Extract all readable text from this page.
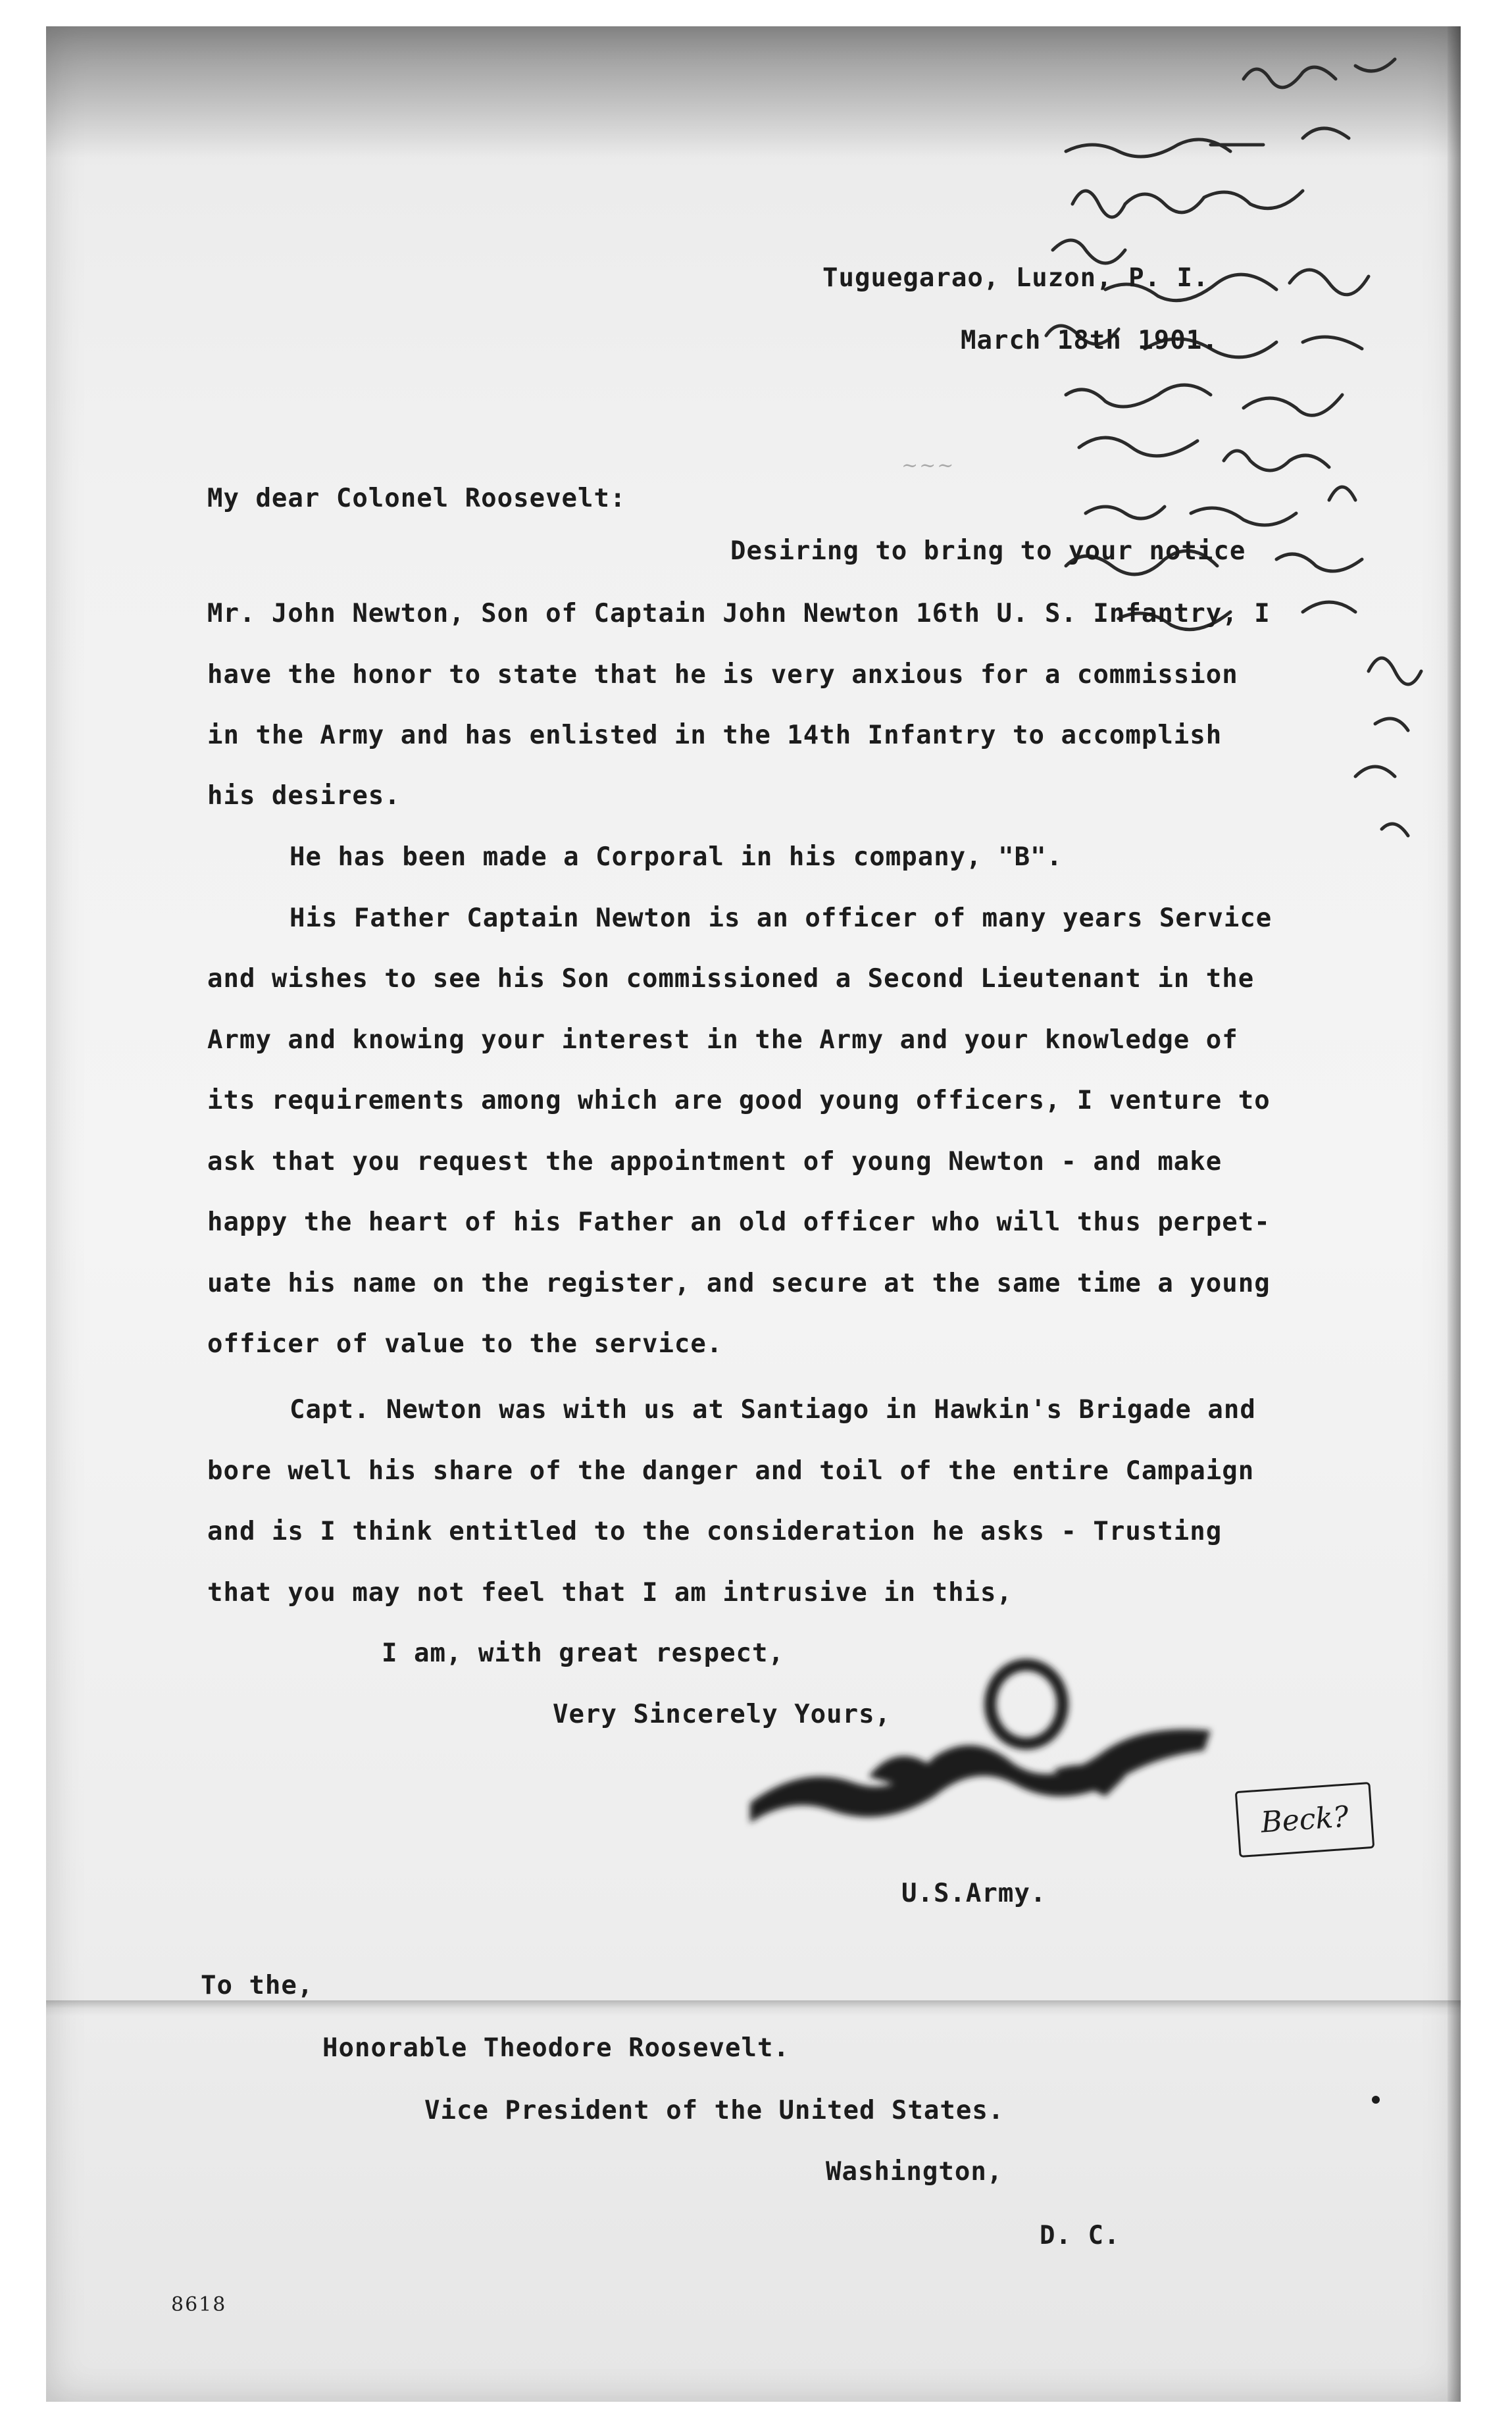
~~~
Tuguegarao, Luzon, P. I.
March 18th 1901.
My dear Colonel Roosevelt:
Desiring to bring to your notice
Mr. John Newton, Son of Captain John Newton 16th U. S. Infantry, I
have the honor to state that he is very anxious for a commission
in the Army and has enlisted in the 14th Infantry to accomplish
his desires.
He has been made a Corporal in his company, "B".
His Father Captain Newton is an officer of many years Service
and wishes to see his Son commissioned a Second Lieutenant in the
Army and knowing your interest in the Army and your knowledge of
its requirements among which are good young officers, I venture to
ask that you request the appointment of young Newton - and make
happy the heart of his Father an old officer who will thus perpet-
uate his name on the register, and secure at the same time a young
officer of value to the service.
Capt. Newton was with us at Santiago in Hawkin's Brigade and
bore well his share of the danger and toil of the entire Campaign
and is I think entitled to the consideration he asks - Trusting
that you may not feel that I am intrusive in this,
I am, with great respect,
Very Sincerely Yours,
Beck?
U.S.Army.
To the,
Honorable Theodore Roosevelt.
Vice President of the United States.
Washington,
D. C.
8618
